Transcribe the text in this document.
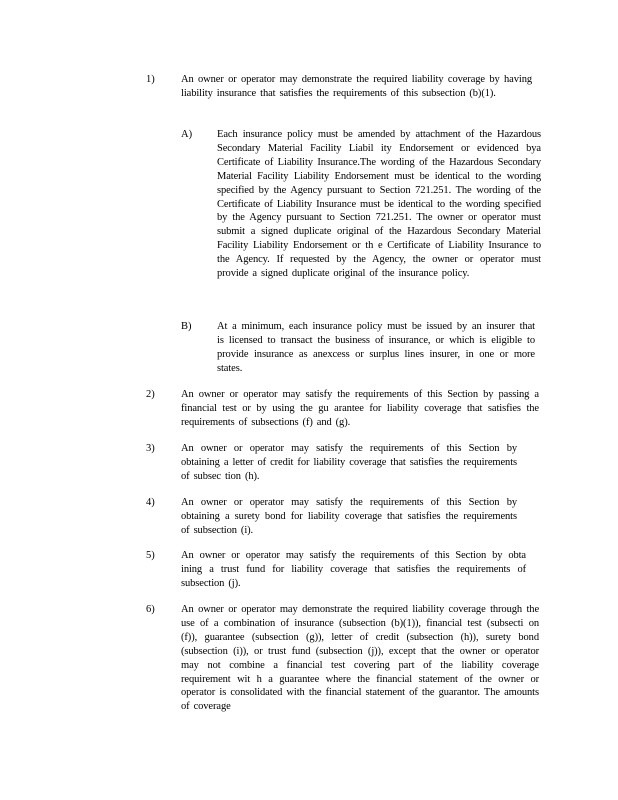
1)	An owner or operator may demonstrate the required liability coverage by having liability insurance that satisfies the requirements of this subsection (b)(1).
A) Each insurance policy must be amended by attachment of the Hazardous Secondary Material Facility Liabil ity Endorsement or evidenced bya Certificate of Liability Insurance.The wording of the Hazardous Secondary Material Facility Liability Endorsement must be identical to the wording specified by the Agency pursuant to Section 721.251. The wording of the Certificate of Liability Insurance must be identical to the wording specified by the Agency pursuant to Section 721.251. The owner or operator must submit a signed duplicate original of the Hazardous Secondary Material Facility Liability Endorsement or th e Certificate of Liability Insurance to the Agency. If requested by the Agency, the owner or operator must provide a signed duplicate original of the insurance policy.
B) At a minimum, each insurance policy must be issued by an insurer that is licensed to transact the business of insurance, or which is eligible to provide insurance as anexcess or surplus lines insurer, in one or more states.
2)	An owner or operator may satisfy the requirements of this Section by passing a financial test or by using the gu arantee for liability coverage that satisfies the requirements of subsections (f) and (g).
3)	An owner or operator may satisfy the requirements of this Section by obtaining a letter of credit for liability coverage that satisfies the requirements of subsec tion (h).
4)	An owner or operator may satisfy the requirements of this Section by obtaining a surety bond for liability coverage that satisfies the requirements of subsection (i).
5)	An owner or operator may satisfy the requirements of this Section by obta ining a trust fund for liability coverage that satisfies the requirements of subsection (j).
6)	An owner or operator may demonstrate the required liability coverage through the use of a combination of insurance (subsection (b)(1)), financial test (subsecti on (f)), guarantee (subsection (g)), letter of credit (subsection (h)), surety bond (subsection (i)), or trust fund (subsection (j)), except that the owner or operator may not combine a financial test covering part of the liability coverage requirement wit h a guarantee where the financial statement of the owner or operator is consolidated with the financial statement of the guarantor. The amounts of coverage
